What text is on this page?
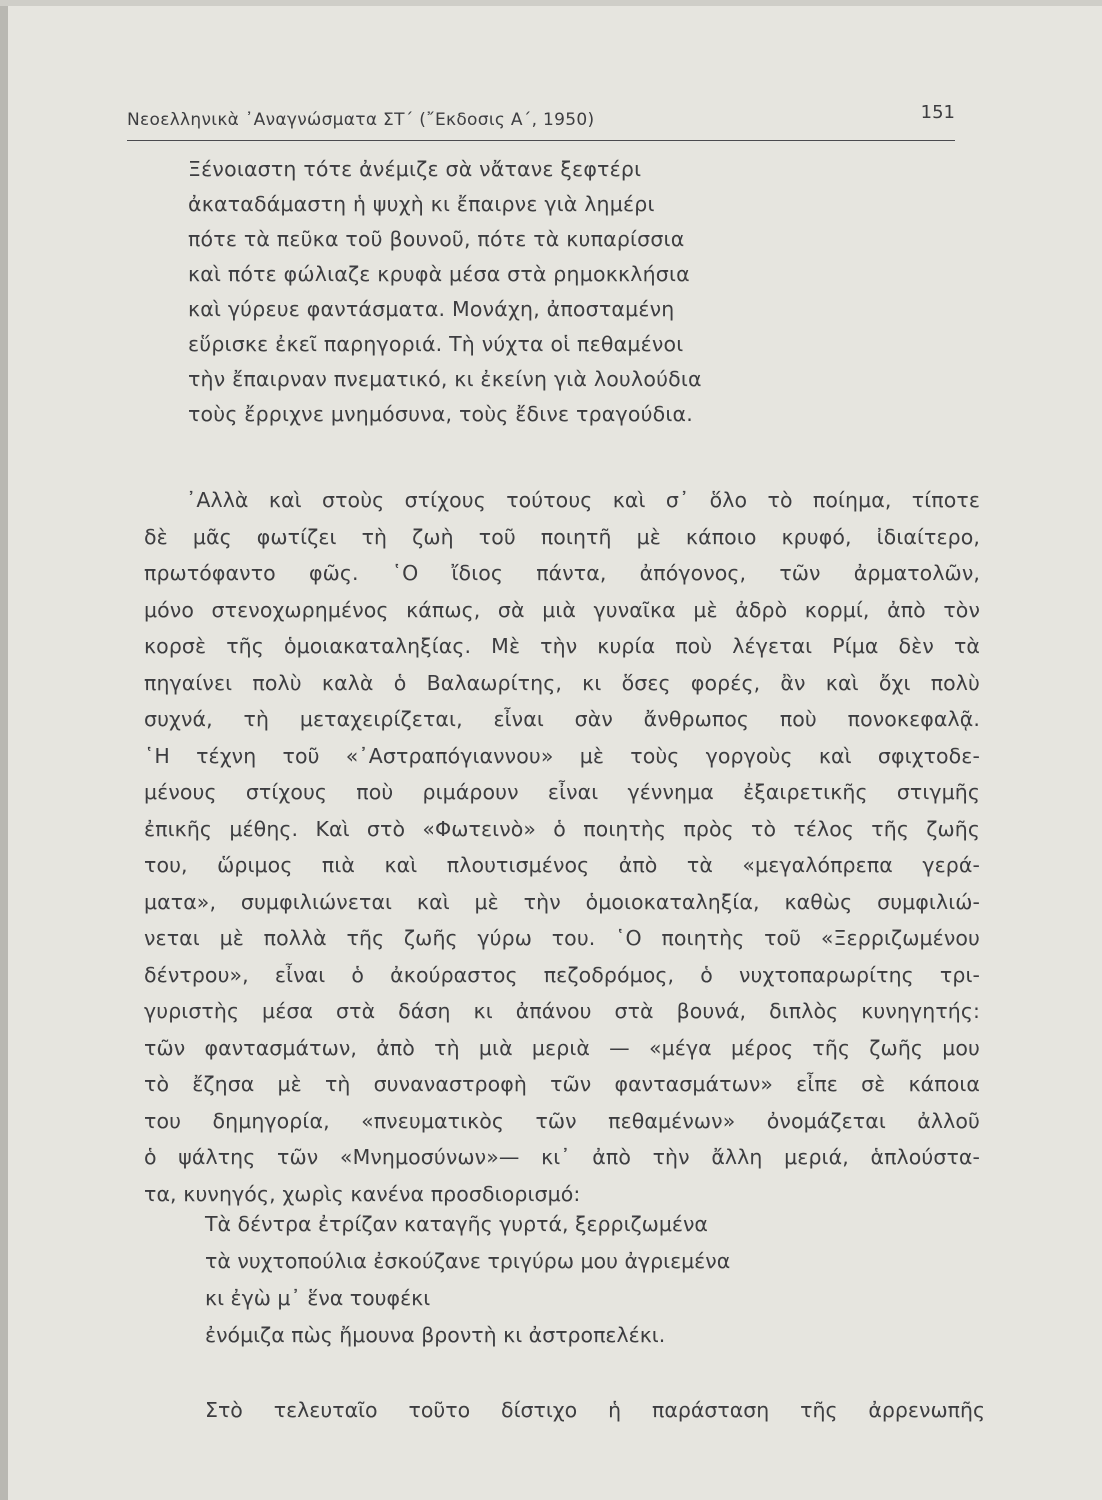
Νεοελληνικὰ ᾿Αναγνώσματα ΣΤ΄ (῎Εκδοσις Α΄, 1950)	151
Ξένοιαστη τότε ἀνέμιζε σὰ νἄτανε ξεφτέρι
ἀκαταδάμαστη ἡ ψυχὴ κι ἔπαιρνε γιὰ λημέρι
πότε τὰ πεῦκα τοῦ βουνοῦ, πότε τὰ κυπαρίσσια
καὶ πότε φώλιαζε κρυφὰ μέσα στὰ ρημοκκλήσια
καὶ γύρευε φαντάσματα. Μονάχη, ἀποσταμένη
εὕρισκε ἐκεῖ παρηγοριά. Τὴ νύχτα οἱ πεθαμένοι
τὴν ἔπαιρναν πνεματικό, κι ἐκείνη γιὰ λουλούδια
τοὺς ἔρριχνε μνημόσυνα, τοὺς ἔδινε τραγούδια.
᾿Αλλὰ καὶ στοὺς στίχους τούτους καὶ σ᾿ ὅλο τὸ ποίημα, τίποτε
δὲ μᾶς φωτίζει τὴ ζωὴ τοῦ ποιητῆ μὲ κάποιο κρυφό, ἰδιαίτερο,
πρωτόφαντο φῶς. ῾Ο ἴδιος πάντα, ἀπόγονος, τῶν ἀρματολῶν,
μόνο στενοχωρημένος κάπως, σὰ μιὰ γυναῖκα μὲ ἀδρὸ κορμί, ἀπὸ τὸν
κορσὲ τῆς ὁμοιακαταληξίας. Μὲ τὴν κυρία ποὺ λέγεται Ρίμα δὲν τὰ
πηγαίνει πολὺ καλὰ ὁ Βαλαωρίτης, κι ὅσες φορές, ἂν καὶ ὄχι πολὺ
συχνά, τὴ μεταχειρίζεται, εἶναι σὰν ἄνθρωπος ποὺ πονοκεφαλᾷ.
῾Η τέχνη τοῦ «᾿Αστραπόγιαννου» μὲ τοὺς γοργοὺς καὶ σφιχτοδε-
μένους στίχους ποὺ ριμάρουν εἶναι γέννημα ἐξαιρετικῆς στιγμῆς
ἐπικῆς μέθης. Καὶ στὸ «Φωτεινὸ» ὁ ποιητὴς πρὸς τὸ τέλος τῆς ζωῆς
του, ὥριμος πιὰ καὶ πλουτισμένος ἀπὸ τὰ «μεγαλόπρεπα γερά-
ματα», συμφιλιώνεται καὶ μὲ τὴν ὁμοιοκαταληξία, καθὼς συμφιλιώ-
νεται μὲ πολλὰ τῆς ζωῆς γύρω του. ῾Ο ποιητὴς τοῦ «Ξερριζωμένου
δέντρου», εἶναι ὁ ἀκούραστος πεζοδρόμος, ὁ νυχτοπαρωρίτης τρι-
γυριστὴς μέσα στὰ δάση κι ἀπάνου στὰ βουνά, διπλὸς κυνηγητής:
τῶν φαντασμάτων, ἀπὸ τὴ μιὰ μεριὰ — «μέγα μέρος τῆς ζωῆς μου
τὸ ἔζησα μὲ τὴ συναναστροφὴ τῶν φαντασμάτων» εἶπε σὲ κάποια
του δημηγορία, «πνευματικὸς τῶν πεθαμένων» ὀνομάζεται ἀλλοῦ
ὁ ψάλτης τῶν «Μνημοσύνων»— κι᾿ ἀπὸ τὴν ἄλλη μεριά, ἁπλούστα-
τα, κυνηγός, χωρὶς κανένα προσδιορισμό:
Τὰ δέντρα ἐτρίζαν καταγῆς γυρτά, ξερριζωμένα
τὰ νυχτοπούλια ἐσκούζανε τριγύρω μου ἀγριεμένα
κι ἐγὼ μ᾿ ἕνα τουφέκι
ἐνόμιζα πὼς ἤμουνα βροντὴ κι ἀστροπελέκι.
Στὸ τελευταῖο τοῦτο δίστιχο ἡ παράσταση τῆς ἀρρενωπῆς
